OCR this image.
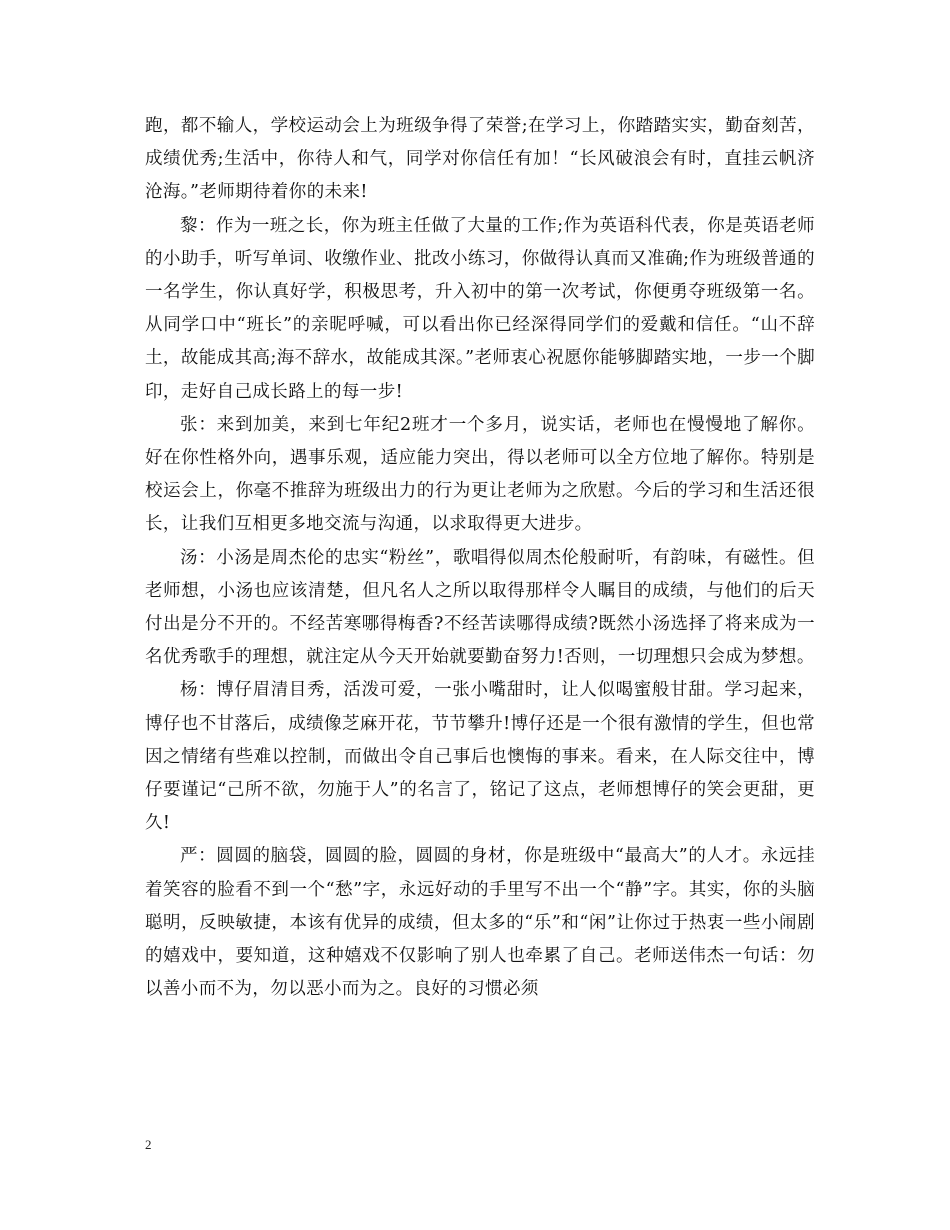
跑，都不输人，学校运动会上为班级争得了荣誉;在学习上，你踏踏实实，勤奋刻苦，成绩优秀;生活中，你待人和气，同学对你信任有加！“长风破浪会有时，直挂云帆济沧海。”老师期待着你的未来!

黎：作为一班之长，你为班主任做了大量的工作;作为英语科代表，你是英语老师的小助手，听写单词、收缴作业、批改小练习，你做得认真而又准确;作为班级普通的一名学生，你认真好学，积极思考，升入初中的第一次考试，你便勇夺班级第一名。从同学口中“班长”的亲昵呼喊，可以看出你已经深得同学们的爱戴和信任。“山不辞土，故能成其高;海不辞水，故能成其深。”老师衷心祝愿你能够脚踏实地，一步一个脚印，走好自己成长路上的每一步!

张：来到加美，来到七年纪2班才一个多月，说实话，老师也在慢慢地了解你。好在你性格外向，遇事乐观，适应能力突出，得以老师可以全方位地了解你。特别是校运会上，你毫不推辞为班级出力的行为更让老师为之欣慰。今后的学习和生活还很长，让我们互相更多地交流与沟通，以求取得更大进步。

汤：小汤是周杰伦的忠实“粉丝”，歌唱得似周杰伦般耐听，有韵味，有磁性。但老师想，小汤也应该清楚，但凡名人之所以取得那样令人瞩目的成绩，与他们的后天付出是分不开的。不经苦寒哪得梅香?不经苦读哪得成绩?既然小汤选择了将来成为一名优秀歌手的理想，就注定从今天开始就要勤奋努力!否则，一切理想只会成为梦想。

杨：博仔眉清目秀，活泼可爱，一张小嘴甜时，让人似喝蜜般甘甜。学习起来，博仔也不甘落后，成绩像芝麻开花，节节攀升!博仔还是一个很有激情的学生，但也常因之情绪有些难以控制，而做出令自己事后也懊悔的事来。看来，在人际交往中，博仔要谨记“己所不欲，勿施于人”的名言了，铭记了这点，老师想博仔的笑会更甜，更久!

严：圆圆的脑袋，圆圆的脸，圆圆的身材，你是班级中“最高大”的人才。永远挂着笑容的脸看不到一个“愁”字，永远好动的手里写不出一个“静”字。其实，你的头脑聪明，反映敏捷，本该有优异的成绩，但太多的“乐”和“闲”让你过于热衷一些小闹剧的嬉戏中，要知道，这种嬉戏不仅影响了别人也牵累了自己。老师送伟杰一句话：勿以善小而不为，勿以恶小而为之。良好的习惯必须

2
